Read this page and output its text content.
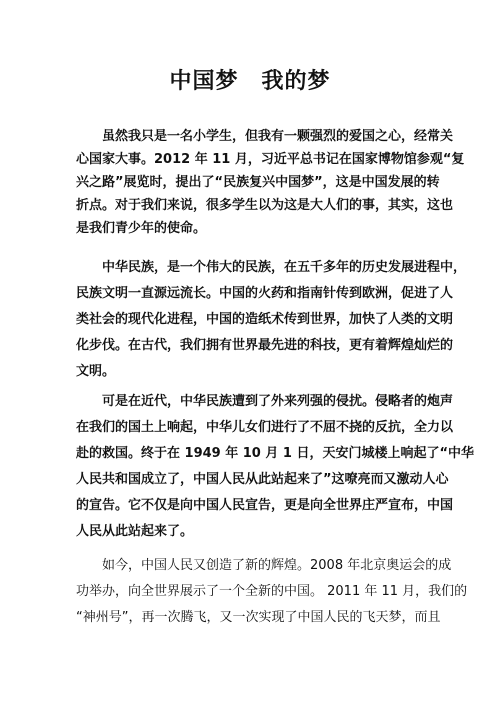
中国梦　我的梦
　　虽然我只是一名小学生，但我有一颗强烈的爱国之心，经常关
心国家大事。2012 年 11 月，习近平总书记在国家博物馆参观“复
兴之路”展览时，提出了“民族复兴中国梦”，这是中国发展的转
折点。对于我们来说，很多学生以为这是大人们的事，其实，这也
是我们青少年的使命。
　　中华民族，是一个伟大的民族，在五千多年的历史发展进程中，
民族文明一直源远流长。中国的火药和指南针传到欧洲，促进了人
类社会的现代化进程，中国的造纸术传到世界，加快了人类的文明
化步伐。在古代，我们拥有世界最先进的科技，更有着辉煌灿烂的
文明。
　　可是在近代，中华民族遭到了外来列强的侵扰。侵略者的炮声
在我们的国土上响起，中华儿女们进行了不屈不挠的反抗，全力以
赴的救国。终于在 1949 年 10 月 1 日，天安门城楼上响起了“中华
人民共和国成立了，中国人民从此站起来了”这嘹亮而又激动人心
的宣告。它不仅是向中国人民宣告，更是向全世界庄严宣布，中国
人民从此站起来了。
　　如今，中国人民又创造了新的辉煌。2008 年北京奥运会的成
功举办，向全世界展示了一个全新的中国。 2011 年 11 月，我们的
“神州号”，再一次腾飞，又一次实现了中国人民的飞天梦，而且
